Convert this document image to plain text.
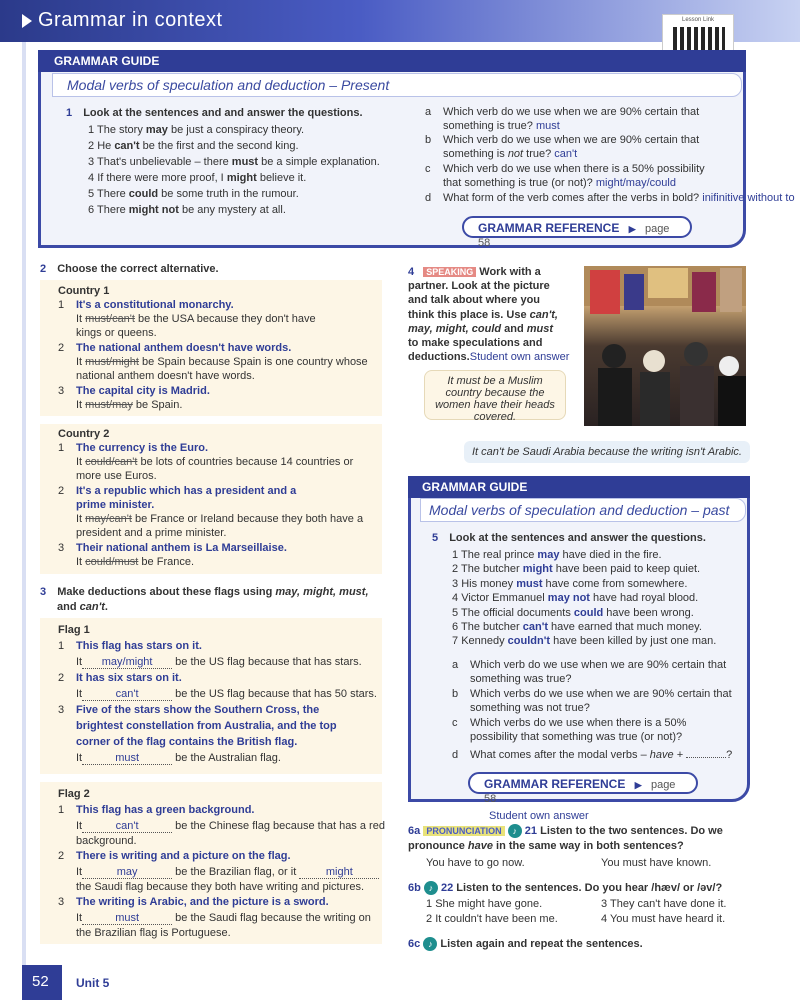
Grammar in context	Lesson Link
GRAMMAR GUIDE
Modal verbs of speculation and deduction – Present
1 Look at the sentences and and answer the questions.
1 The story may be just a conspiracy theory.
2 He can't be the first and the second king.
3 That's unbelievable – there must be a simple explanation.
4 If there were more proof, I might believe it.
5 There could be some truth in the rumour.
6 There might not be any mystery at all.
a Which verb do we use when we are 90% certain that
something is true? must
b Which verb do we use when we are 90% certain that
something is not true? can't
c Which verb do we use when there is a 50% possibility
that something is true (or not)? might/may/could
d What form of the verb comes after the verbs in bold? inifinitive without to
GRAMMAR REFERENCE ▶ page 58
2 Choose the correct alternative.
Country 1
1 It's a constitutional monarchy.
It must/can't be the USA because they don't have
kings or queens.
2 The national anthem doesn't have words.
It must/might be Spain because Spain is one country whose
national anthem doesn't have words.
3 The capital city is Madrid.
It must/may be Spain.
Country 2
1 The currency is the Euro.
It could/can't be lots of countries because 14 countries or
more use Euros.
2 It's a republic which has a president and a
prime minister.
It may/can't be France or Ireland because they both have a
president and a prime minister.
3 Their national anthem is La Marseillaise.
It could/must be France.
3 Make deductions about these flags using may, might, must,
and can't.
Flag 1
1 This flag has stars on it.
It may/might be the US flag because that has stars.
2 It has six stars on it.
It	can't	be the US flag because that has 50 stars.
3 Five of the stars show the Southern Cross, the
brightest constellation from Australia, and the top
corner of the flag contains the British flag.
It	must	be the Australian flag.
Flag 2
1 This flag has a green background.
It	can't	be the Chinese flag because that has a red
background.
2 There is writing and a picture on the flag.
It	may	be the Brazilian flag, or it	might
the Saudi flag because they both have writing and pictures.
3 The writing is Arabic, and the picture is a sword.
It	must	be the Saudi flag because the writing on
the Brazilian flag is Portuguese.
4 SPEAKING Work with a
partner. Look at the picture
and talk about where you
think this place is. Use can't,
may, might, could and must
to make speculations and
deductions.Student own answer
It must be a Muslim country because the women have their heads covered.
It can't be Saudi Arabia because the writing isn't Arabic.
GRAMMAR GUIDE
Modal verbs of speculation and deduction – past
5 Look at the sentences and answer the questions.
1 The real prince may have died in the fire.
2 The butcher might have been paid to keep quiet.
3 His money must have come from somewhere.
4 Victor Emmanuel may not have had royal blood.
5 The official documents could have been wrong.
6 The butcher can't have earned that much money.
7 Kennedy couldn't have been killed by just one man.
a Which verb do we use when we are 90% certain that
something was true?
b Which verbs do we use when we are 90% certain that
something was not true?
c Which verbs do we use when there is a 50%
possibility that something was true (or not)?
d What comes after the modal verbs – have +	?
GRAMMAR REFERENCE ▶ page 58
Student own answer
6a PRONUNCIATION ♪ 21 Listen to the two sentences. Do we
pronounce have in the same way in both sentences?
You have to go now.	You must have known.
6b ♪ 22 Listen to the sentences. Do you hear /hæv/ or /əv/?
1 She might have gone.
2 It couldn't have been me.
3 They can't have done it.
4 You must have heard it.
6c ♪ Listen again and repeat the sentences.
52 Unit 5
